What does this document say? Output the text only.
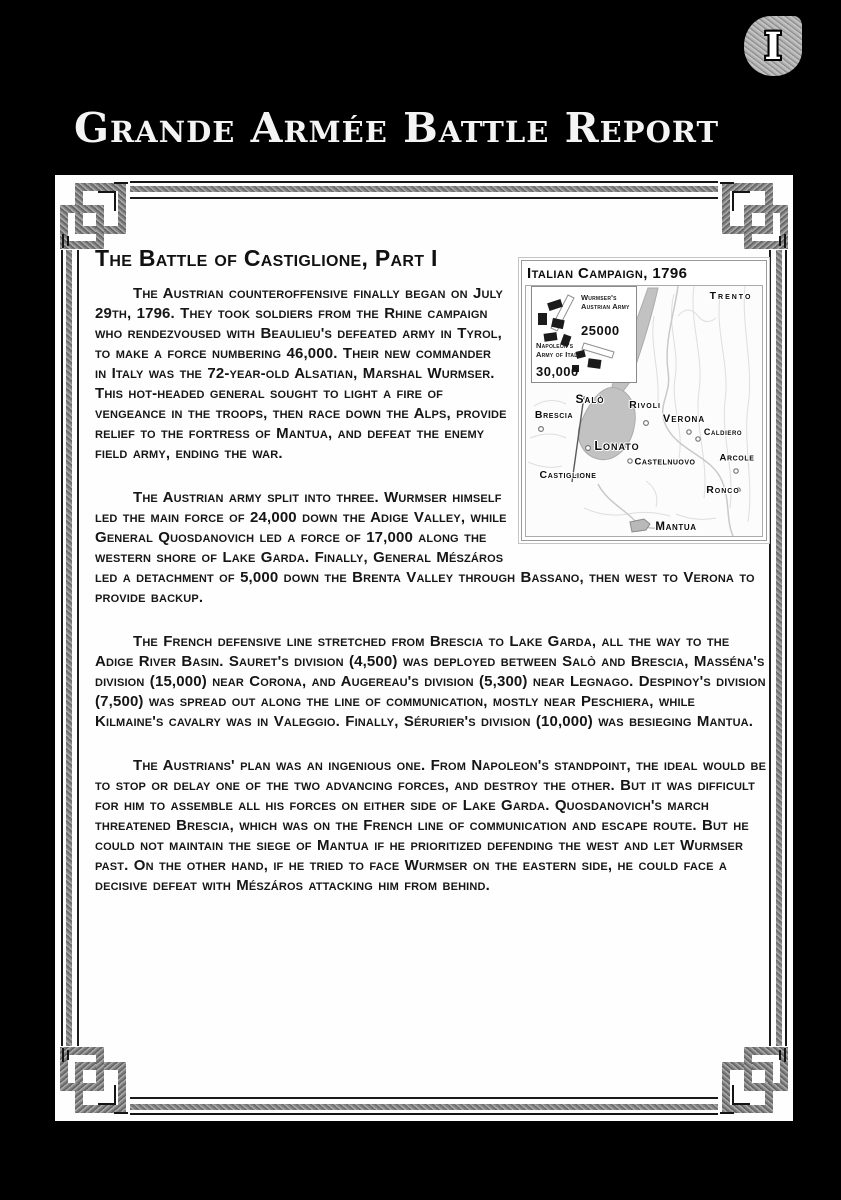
I
Grande Armée Battle Report
The Battle of Castiglione, Part I
Italian Campaign, 1796
Wurmser's Austrian Army
25000
Napoleon's Army of Italy
30,000
Trento
Salò Rivoli
Brescia	Verona
Caldiero
Lonato
Castelnuovo	Arcole
Castiglione
Ronco
Mantua

The Austrian counteroffensive finally began on July 29th, 1796. They took soldiers from the Rhine campaign who rendezvoused with Beaulieu's defeated army in Tyrol, to make a force numbering 46,000. Their new commander in Italy was the 72-year-old Alsatian, Marshal Wurmser. This hot-headed general sought to light a fire of vengeance in the troops, then race down the Alps, provide relief to the fortress of Mantua, and defeat the enemy field army, ending the war.

The Austrian army split into three. Wurmser himself led the main force of 24,000 down the Adige Valley, while General Quosdanovich led a force of 17,000 along the western shore of Lake Garda. Finally, General Mészáros led a detachment of 5,000 down the Brenta Valley through Bassano, then west to Verona to provide backup.

The French defensive line stretched from Brescia to Lake Garda, all the way to the Adige River Basin. Sauret's division (4,500) was deployed between Salò and Brescia, Masséna's division (15,000) near Corona, and Augereau's division (5,300) near Legnago. Despinoy's division (7,500) was spread out along the line of communication, mostly near Peschiera, while Kilmaine's cavalry was in Valeggio. Finally, Sérurier's division (10,000) was besieging Mantua.

The Austrians' plan was an ingenious one. From Napoleon's standpoint, the ideal would be to stop or delay one of the two advancing forces, and destroy the other. But it was difficult for him to assemble all his forces on either side of Lake Garda. Quosdanovich's march threatened Brescia, which was on the French line of communication and escape route. But he could not maintain the siege of Mantua if he prioritized defending the west and let Wurmser past. On the other hand, if he tried to face Wurmser on the eastern side, he could face a decisive defeat with Mészáros attacking him from behind.
